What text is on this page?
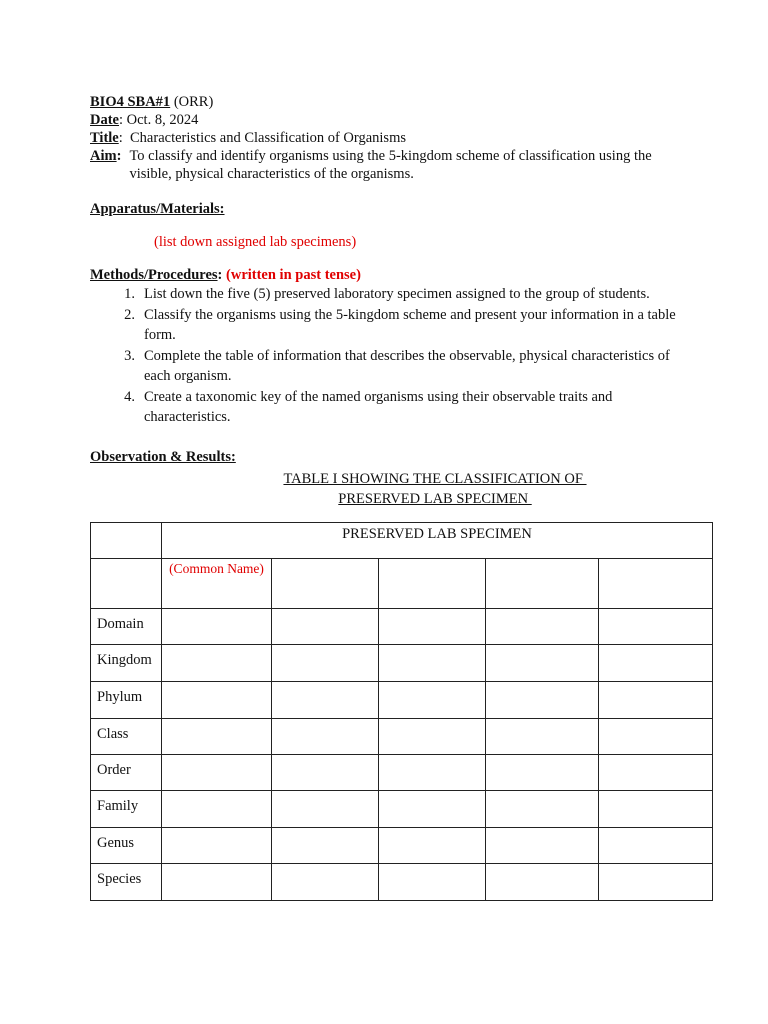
BIO4 SBA#1 (ORR)
Date : Oct. 8, 2024
Title :  Characteristics and Classification of Organisms
Aim: To classify and identify organisms using the 5-kingdom scheme of classification using the visible, physical characteristics of the organisms.
Apparatus/Materials:
(list down assigned lab specimens)
Methods/Procedures: (written in past tense)
1. List down the five (5) preserved laboratory specimen assigned to the group of students.
2. Classify the organisms using the 5-kingdom scheme and present your information in a table form.
3. Complete the table of information that describes the observable, physical characteristics of each organism.
4. Create a taxonomic key of the named organisms using their observable traits and characteristics.
Observation & Results:
TABLE I SHOWING THE CLASSIFICATION OF
PRESERVED LAB SPECIMEN
	PRESERVED LAB SPECIMEN				
	(Common Name)				
Domain					
Kingdom					
Phylum					
Class					
Order					
Family					
Genus					
Species					
